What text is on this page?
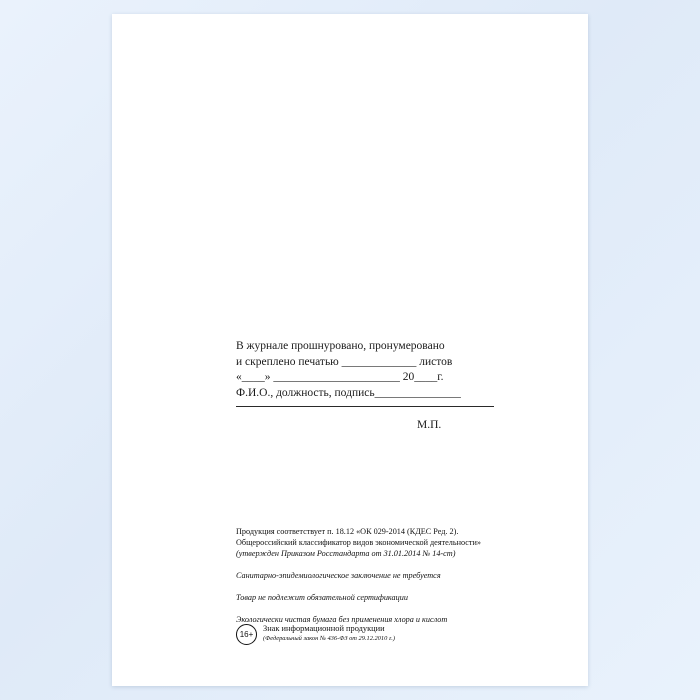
В журнале прошнуровано, пронумеровано
и скреплено печатью _____________ листов
«____» ______________________ 20____г.
Ф.И.О., должность, подпись_______________
М.П.
Продукция соответствует п. 18.12 «ОК 029-2014 (КДЕС Ред. 2).
Общероссийский классификатор видов экономической деятельности»
(утвержден Приказом Росстандарта от 31.01.2014 № 14-ст)
Санитарно-эпидемиологическое заключение не требуется
Товар не подлежит обязательной сертификации
Экологически чистая бумага без применения хлора и кислот
16+
Знак информационной продукции
(Федеральный закон № 436-ФЗ от 29.12.2010 г.)
